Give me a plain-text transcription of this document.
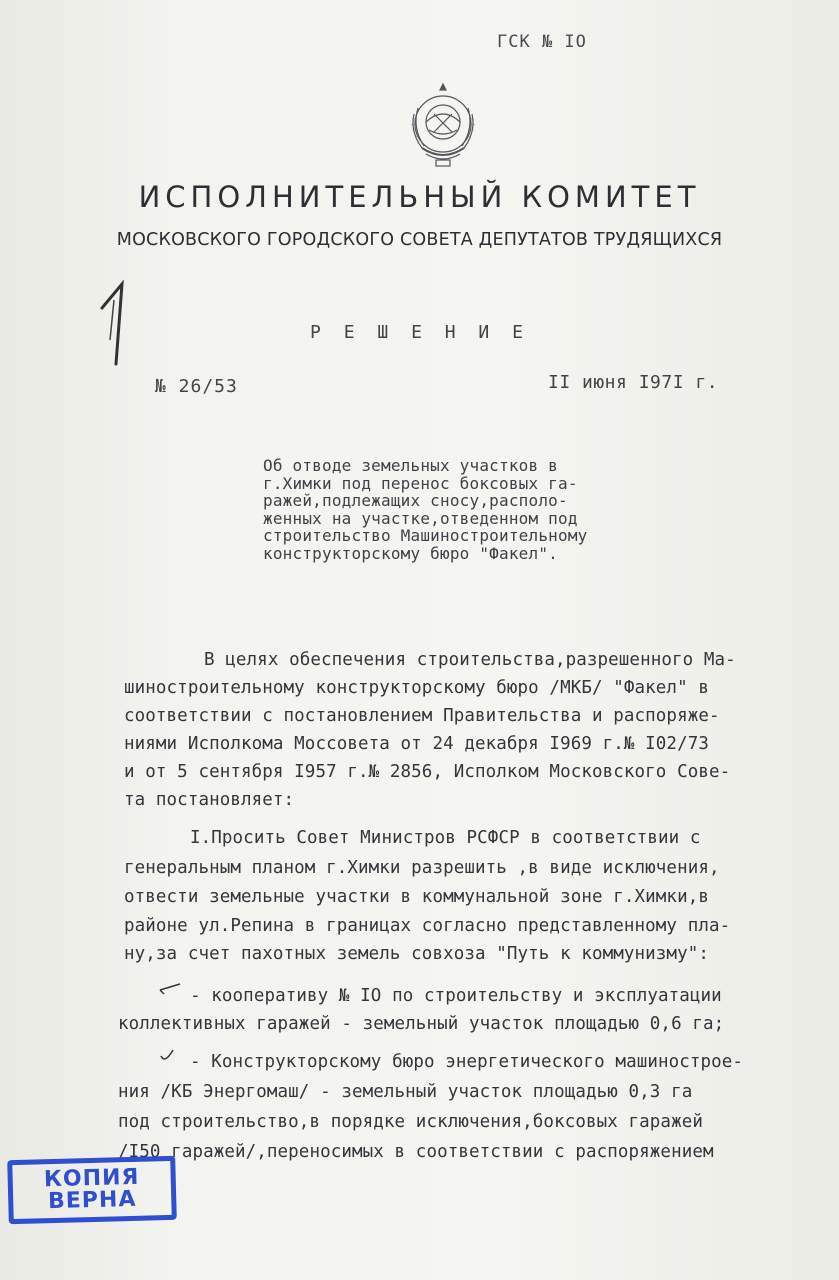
ГСК № IO
ИСПОЛНИТЕЛЬНЫЙ КОМИТЕТ
МОСКОВСКОГО ГОРОДСКОГО СОВЕТА ДЕПУТАТОВ ТРУДЯЩИХСЯ
Р Е Ш Е Н И Е
№ 26/53	II июня I97I г.
Об отводе земельных участков в
г.Химки под перенос боксовых га-
ражей,подлежащих сносу,располо-
женных на участке,отведенном под
строительство Машиностроительному
конструкторскому бюро "Факел".
В целях обеспечения строительства,разрешенного Ма-
шиностроительному конструкторскому бюро /МКБ/ "Факел" в
соответствии с постановлением Правительства и распоряже-
ниями Исполкома Моссовета от 24 декабря I969 г.№ I02/73
и от 5 сентября I957 г.№ 2856, Исполком Московского Сове-
та постановляет:
I.Просить Совет Министров РСФСР в соответствии с
генеральным планом г.Химки разрешить ,в виде исключения,
отвести земельные участки в коммунальной зоне г.Химки,в
районе ул.Репина в границах согласно представленному пла-
ну,за счет пахотных земель совхоза "Путь к коммунизму":
- кооперативу № IO по строительству и эксплуатации
коллективных гаражей - земельный участок площадью 0,6 га;
- Конструкторскому бюро энергетического машинострое-
ния /КБ Энергомаш/ - земельный участок площадью 0,3 га
под строительство,в порядке исключения,боксовых гаражей
/I50 гаражей/,переносимых в соответствии с распоряжением
КОПИЯ
ВЕРНА
